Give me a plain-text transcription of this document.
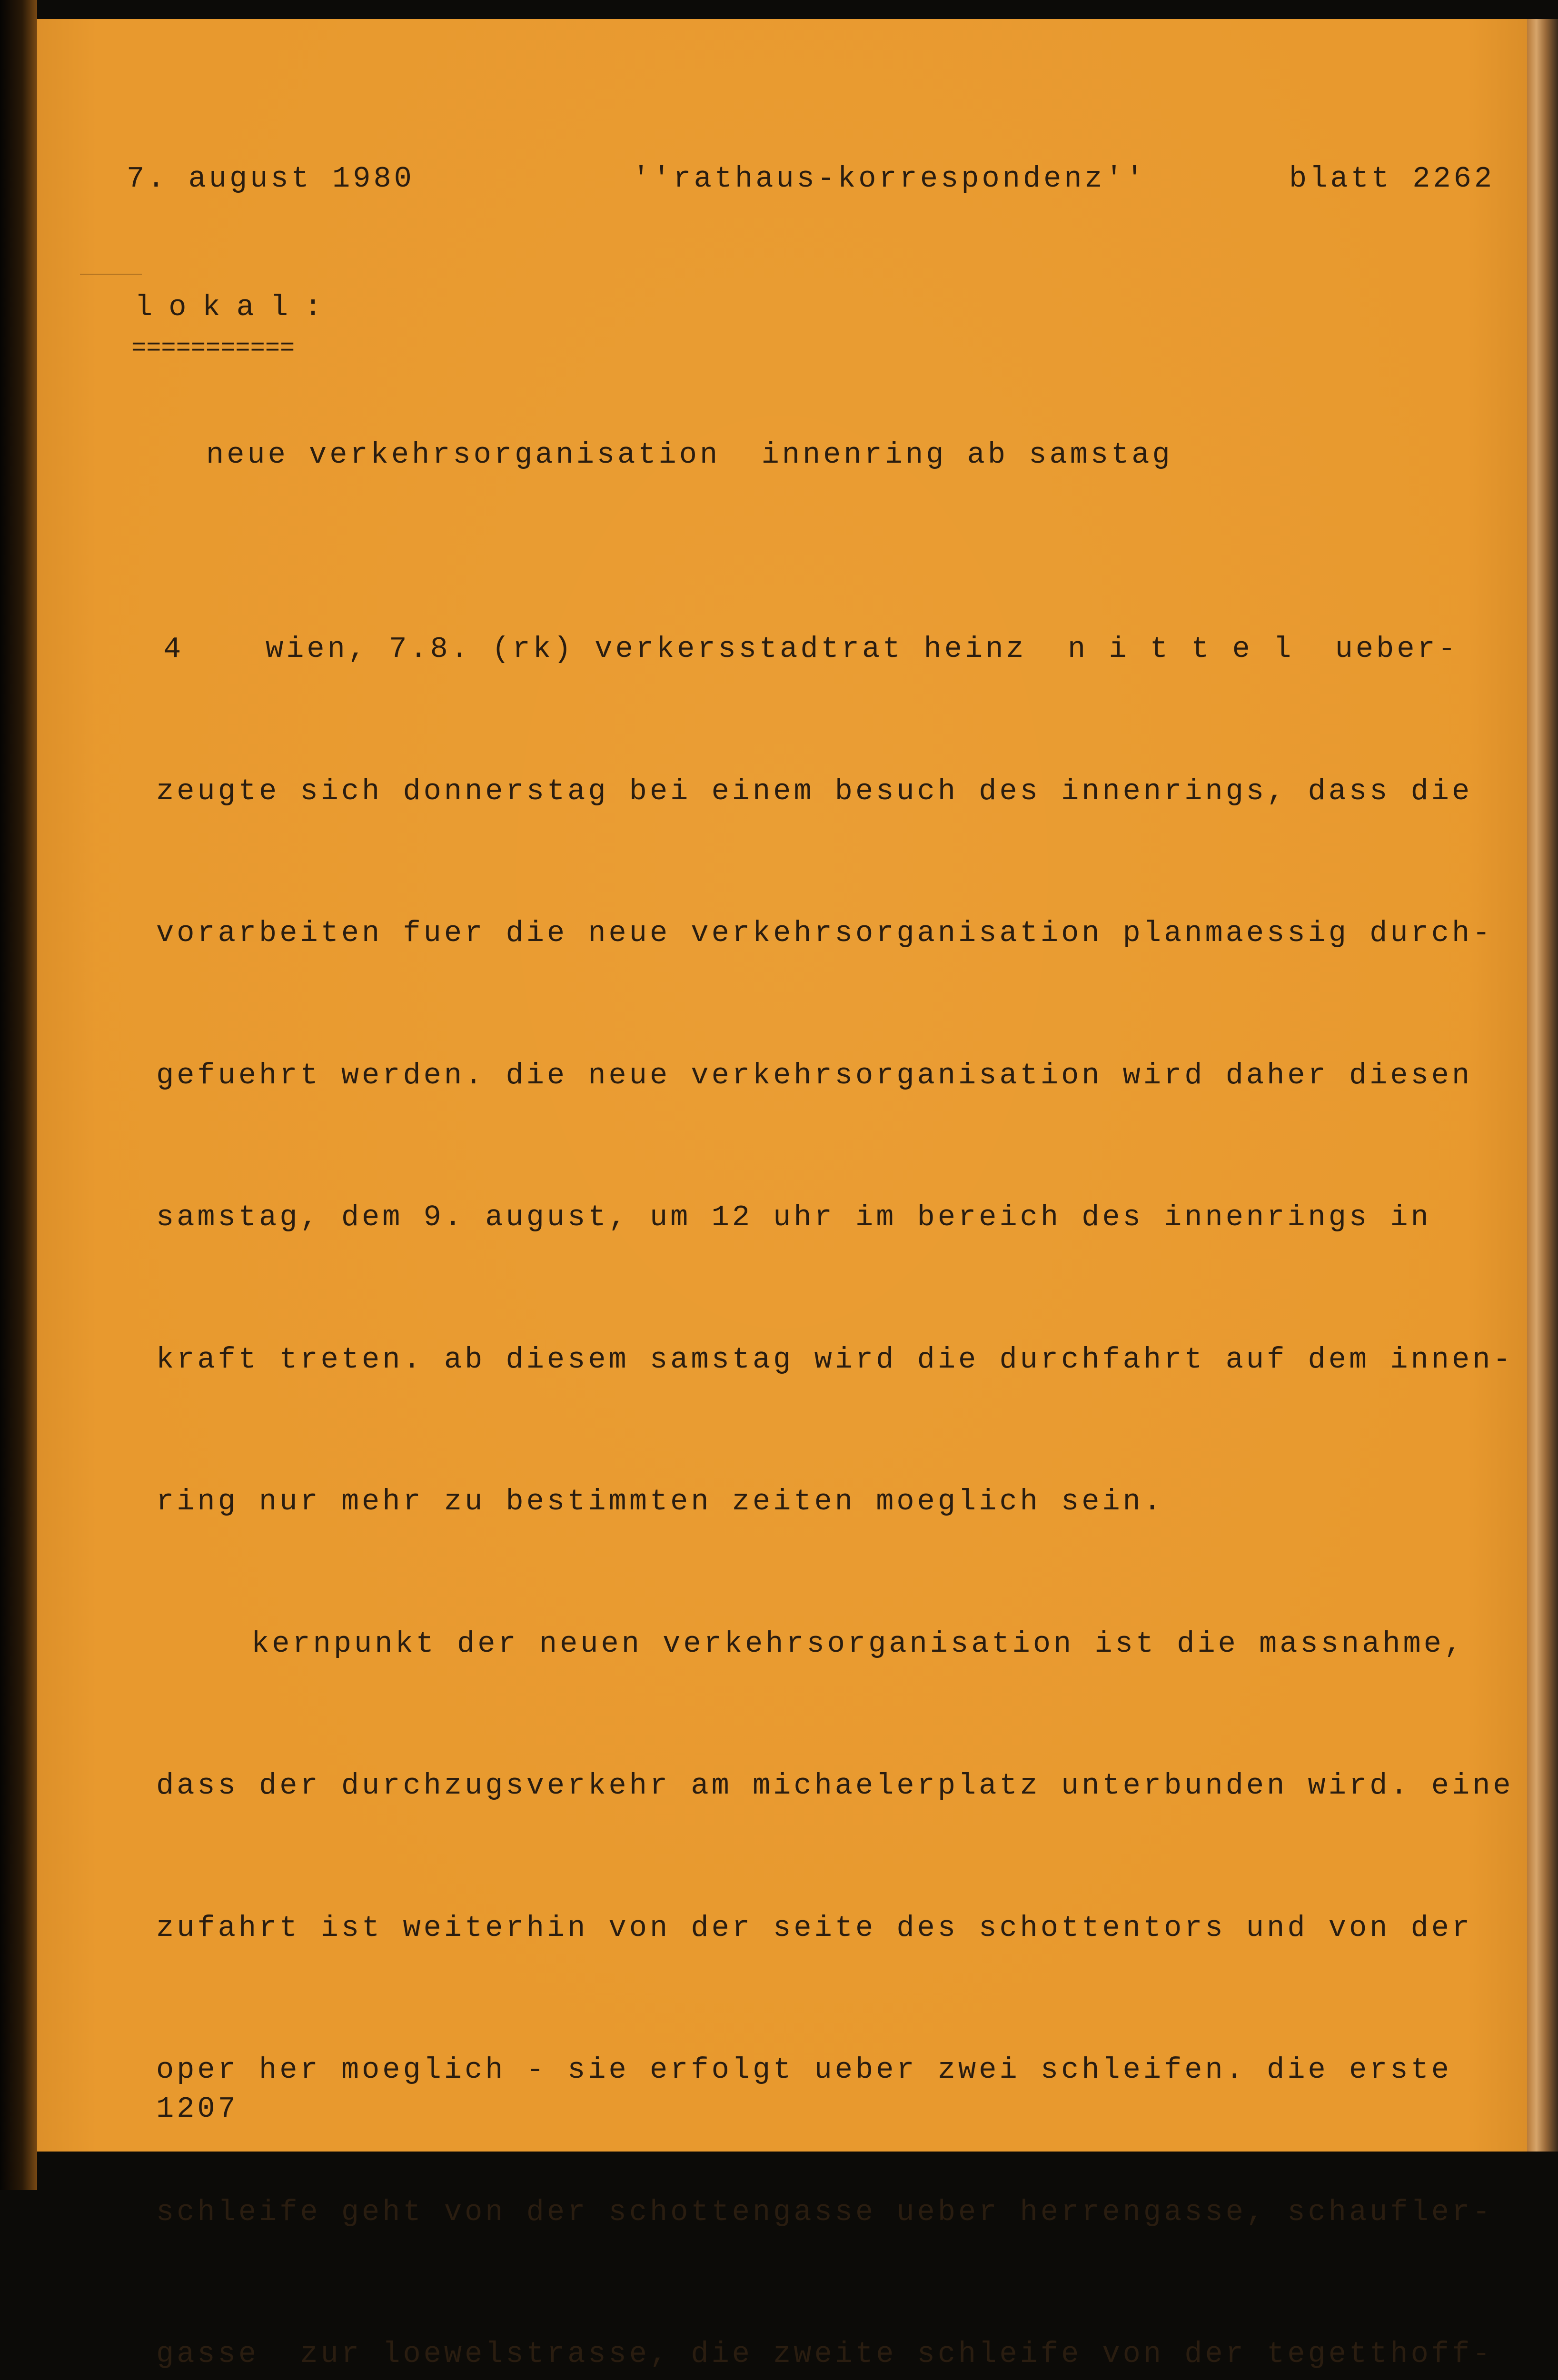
7. august 1980	''rathaus-korrespondenz''	blatt 2262
lokal:
===========
neue verkehrsorganisation  innenring ab samstag

4	wien, 7.8. (rk) verkersstadtrat heinz  n i t t e l  ueber-

zeugte sich donnerstag bei einem besuch des innenrings, dass die

vorarbeiten fuer die neue verkehrsorganisation planmaessig durch-

gefuehrt werden. die neue verkehrsorganisation wird daher diesen

samstag, dem 9. august, um 12 uhr im bereich des innenrings in

kraft treten. ab diesem samstag wird die durchfahrt auf dem innen-

ring nur mehr zu bestimmten zeiten moeglich sein.

kernpunkt der neuen verkehrsorganisation ist die massnahme,

dass der durchzugsverkehr am michaelerplatz unterbunden wird. eine

zufahrt ist weiterhin von der seite des schottentors und von der

oper her moeglich - sie erfolgt ueber zwei schleifen. die erste

schleife geht von der schottengasse ueber herrengasse, schaufler-

gasse  zur loewelstrasse, die zweite schleife von der tegetthoff-

1207
